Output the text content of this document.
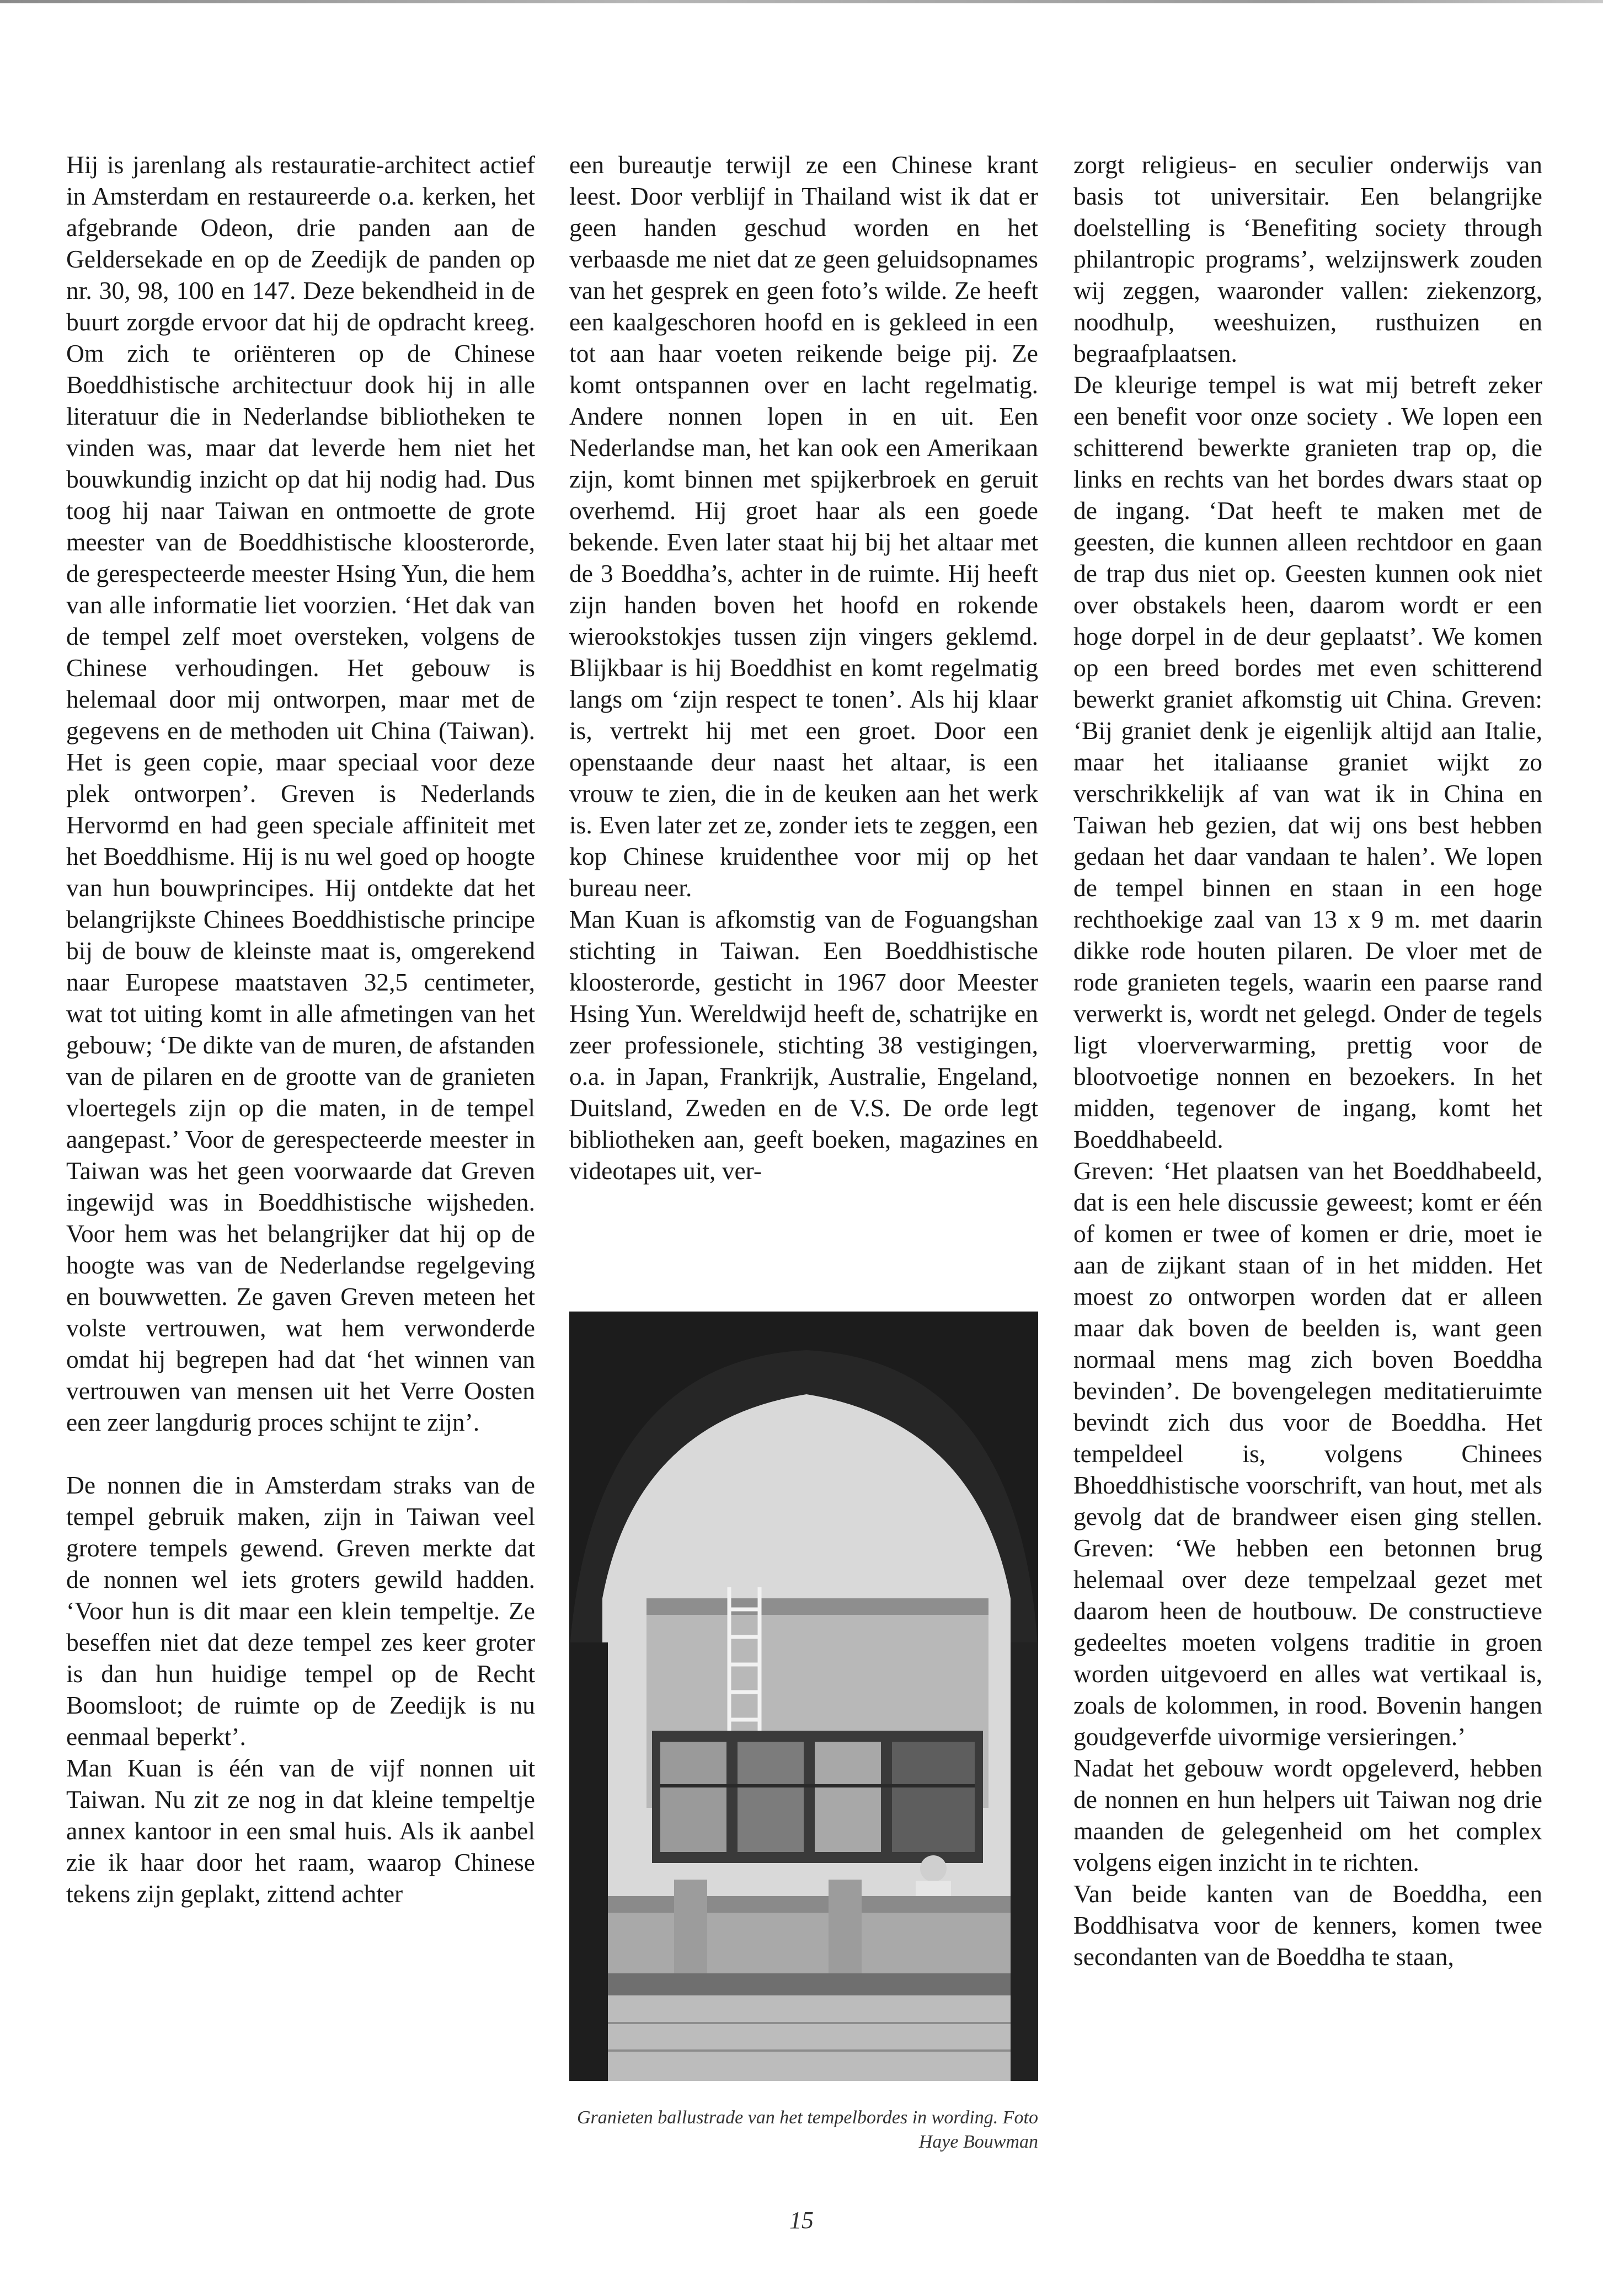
Hij is jarenlang als restauratie-architect actief in Amsterdam en restaureerde o.a. kerken, het afgebrande Odeon, drie panden aan de Geldersekade en op de Zeedijk de panden op nr. 30, 98, 100 en 147. Deze bekendheid in de buurt zorgde ervoor dat hij de opdracht kreeg. Om zich te oriënteren op de Chinese Boeddhistische architectuur dook hij in alle literatuur die in Nederlandse bibliotheken te vinden was, maar dat leverde hem niet het bouwkundig inzicht op dat hij nodig had. Dus toog hij naar Taiwan en ontmoette de grote meester van de Boeddhistische kloosterorde, de gerespecteerde meester Hsing Yun, die hem van alle informatie liet voorzien. ‘Het dak van de tempel zelf moet oversteken, volgens de Chinese verhoudingen. Het gebouw is helemaal door mij ontworpen, maar met de gegevens en de methoden uit China (Taiwan). Het is geen copie, maar speciaal voor deze plek ontworpen’. Greven is Nederlands Hervormd en had geen speciale affiniteit met het Boeddhisme. Hij is nu wel goed op hoogte van hun bouwprincipes. Hij ontdekte dat het belangrijkste Chinees Boeddhistische principe bij de bouw de kleinste maat is, omgerekend naar Europese maatstaven 32,5 centimeter, wat tot uiting komt in alle afmetingen van het gebouw; ‘De dikte van de muren, de afstanden van de pilaren en de grootte van de granieten vloertegels zijn op die maten, in de tempel aangepast.’ Voor de gerespecteerde meester in Taiwan was het geen voorwaarde dat Greven ingewijd was in Boeddhistische wijsheden. Voor hem was het belangrijker dat hij op de hoogte was van de Nederlandse regelgeving en bouwwetten. Ze gaven Greven meteen het volste vertrouwen, wat hem verwonderde omdat hij begrepen had dat ‘het winnen van vertrouwen van mensen uit het Verre Oosten een zeer langdurig proces schijnt te zijn’.

De nonnen die in Amsterdam straks van de tempel gebruik maken, zijn in Taiwan veel grotere tempels gewend. Greven merkte dat de nonnen wel iets groters gewild hadden. ‘Voor hun is dit maar een klein tempeltje. Ze beseffen niet dat deze tempel zes keer groter is dan hun huidige tempel op de Recht Boomsloot; de ruimte op de Zeedijk is nu eenmaal beperkt’.

Man Kuan is één van de vijf nonnen uit Taiwan. Nu zit ze nog in dat kleine tempeltje annex kantoor in een smal huis. Als ik aanbel zie ik haar door het raam, waarop Chinese tekens zijn geplakt, zittend achter

een bureautje terwijl ze een Chinese krant leest. Door verblijf in Thailand wist ik dat er geen handen geschud worden en het verbaasde me niet dat ze geen geluidsopnames van het gesprek en geen foto’s wilde. Ze heeft een kaalgeschoren hoofd en is gekleed in een tot aan haar voeten reikende beige pij. Ze komt ontspannen over en lacht regelmatig. Andere nonnen lopen in en uit. Een Nederlandse man, het kan ook een Amerikaan zijn, komt binnen met spijkerbroek en geruit overhemd. Hij groet haar als een goede bekende. Even later staat hij bij het altaar met de 3 Boeddha’s, achter in de ruimte. Hij heeft zijn handen boven het hoofd en rokende wierookstokjes tussen zijn vingers geklemd. Blijkbaar is hij Boeddhist en komt regelmatig langs om ‘zijn respect te tonen’. Als hij klaar is, vertrekt hij met een groet. Door een openstaande deur naast het altaar, is een vrouw te zien, die in de keuken aan het werk is. Even later zet ze, zonder iets te zeggen, een kop Chinese kruidenthee voor mij op het bureau neer.

Man Kuan is afkomstig van de Foguangshan stichting in Taiwan. Een Boeddhistische kloosterorde, gesticht in 1967 door Meester Hsing Yun. Wereldwijd heeft de, schatrijke en zeer professionele, stichting 38 vestigingen, o.a. in Japan, Frankrijk, Australie, Engeland, Duitsland, Zweden en de V.S. De orde legt bibliotheken aan, geeft boeken, magazines en videotapes uit, ver-

zorgt religieus- en seculier onderwijs van basis tot universitair. Een belangrijke doelstelling is ‘Benefiting society through philantropic programs’, welzijnswerk zouden wij zeggen, waaronder vallen: ziekenzorg, noodhulp, weeshuizen, rusthuizen en begraafplaatsen.

De kleurige tempel is wat mij betreft zeker een benefit voor onze society . We lopen een schitterend bewerkte granieten trap op, die links en rechts van het bordes dwars staat op de ingang. ‘Dat heeft te maken met de geesten, die kunnen alleen rechtdoor en gaan de trap dus niet op. Geesten kunnen ook niet over obstakels heen, daarom wordt er een hoge dorpel in de deur geplaatst’. We komen op een breed bordes met even schitterend bewerkt graniet afkomstig uit China. Greven: ‘Bij graniet denk je eigenlijk altijd aan Italie, maar het italiaanse graniet wijkt zo verschrikkelijk af van wat ik in China en Taiwan heb gezien, dat wij ons best hebben gedaan het daar vandaan te halen’. We lopen de tempel binnen en staan in een hoge rechthoekige zaal van 13 x 9 m. met daarin dikke rode houten pilaren. De vloer met de rode granieten tegels, waarin een paarse rand verwerkt is, wordt net gelegd. Onder de tegels ligt vloerverwarming, prettig voor de blootvoetige nonnen en bezoekers. In het midden, tegenover de ingang, komt het Boeddhabeeld.

Greven: ‘Het plaatsen van het Boeddhabeeld, dat is een hele discussie geweest; komt er één of komen er twee of komen er drie, moet ie aan de zijkant staan of in het midden. Het moest zo ontworpen worden dat er alleen maar dak boven de beelden is, want geen normaal mens mag zich boven Boeddha bevinden’. De bovengelegen meditatieruimte bevindt zich dus voor de Boeddha. Het tempeldeel is, volgens Chinees Bhoeddhistische voorschrift, van hout, met als gevolg dat de brandweer eisen ging stellen. Greven: ‘We hebben een betonnen brug helemaal over deze tempelzaal gezet met daarom heen de houtbouw. De constructieve gedeeltes moeten volgens traditie in groen worden uitgevoerd en alles wat vertikaal is, zoals de kolommen, in rood. Bovenin hangen goudgeverfde uivormige versieringen.’

Nadat het gebouw wordt opgeleverd, hebben de nonnen en hun helpers uit Taiwan nog drie maanden de gelegenheid om het complex volgens eigen inzicht in te richten.

Van beide kanten van de Boeddha, een Boddhisatva voor de kenners, komen twee secondanten van de Boeddha te staan,

Granieten ballustrade van het tempelbordes in wording. Foto Haye Bouwman
15
